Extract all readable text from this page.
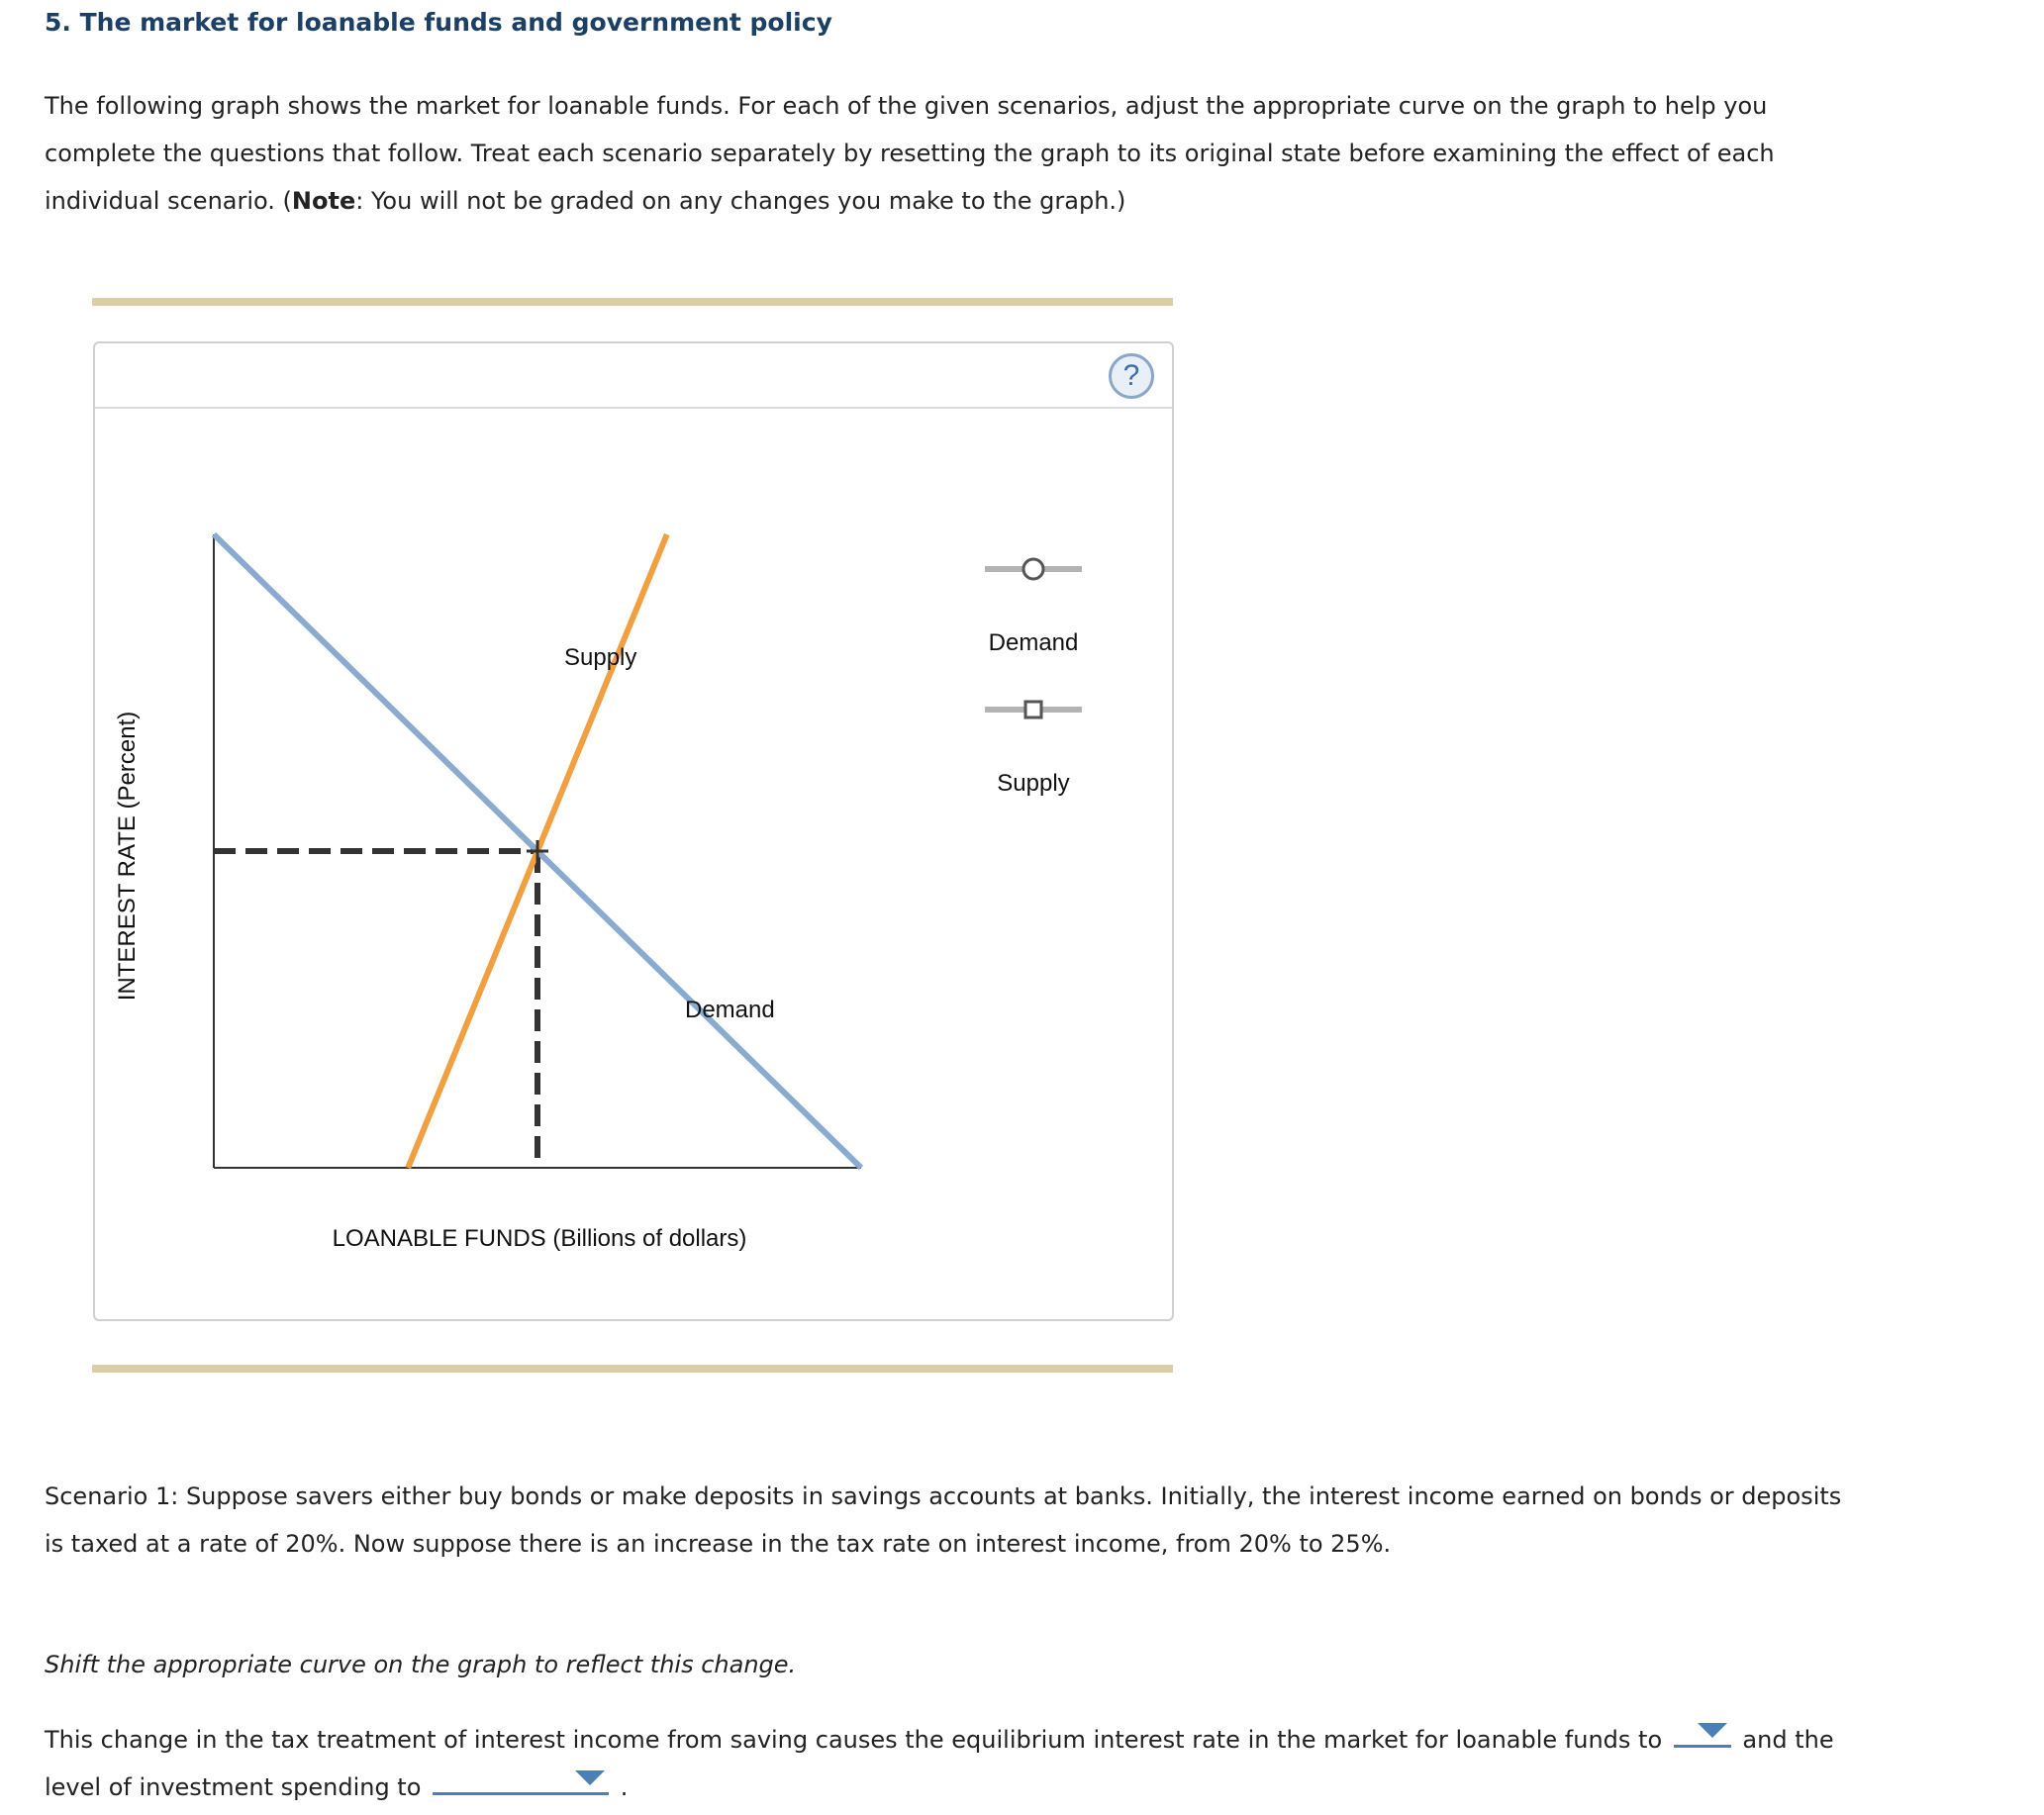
5. The market for loanable funds and government policy
The following graph shows the market for loanable funds. For each of the given scenarios, adjust the appropriate curve on the graph to help you
complete the questions that follow. Treat each scenario separately by resetting the graph to its original state before examining the effect of each
individual scenario. (Note: You will not be graded on any changes you make to the graph.)
?
Supply
Demand
INTEREST RATE (Percent)
LOANABLE FUNDS (Billions of dollars)
Demand
Supply
Scenario 1: Suppose savers either buy bonds or make deposits in savings accounts at banks. Initially, the interest income earned on bonds or deposits
is taxed at a rate of 20%. Now suppose there is an increase in the tax rate on interest income, from 20% to 25%.
Shift the appropriate curve on the graph to reflect this change.
This change in the tax treatment of interest income from saving causes the equilibrium interest rate in the market for loanable funds to	and the
level of investment spending to	.
